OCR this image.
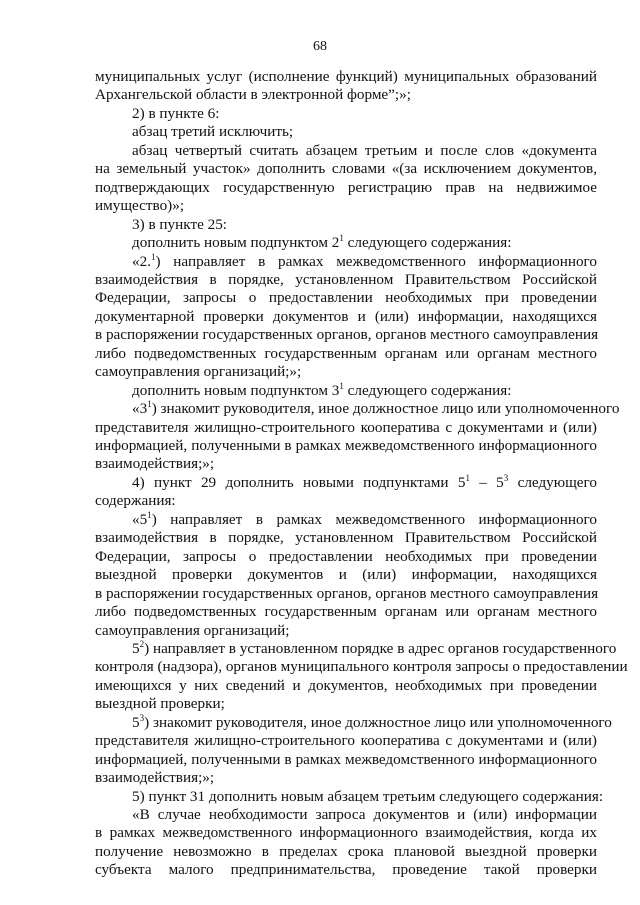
68
муниципальных услуг (исполнение функций) муниципальных образований
Архангельской области в электронной форме”;»;
2) в пункте 6:
абзац третий исключить;
абзац четвертый считать абзацем третьим и после слов «документа
на земельный участок» дополнить словами «(за исключением документов,
подтверждающих государственную регистрацию прав на недвижимое
имущество)»;
3) в пункте 25:
дополнить новым подпунктом $2^1$ следующего содержания:
«2.$^1$) направляет в рамках межведомственного информационного
взаимодействия в порядке, установленном Правительством Российской
Федерации, запросы о предоставлении необходимых при проведении
документарной проверки документов и (или) информации, находящихся
в распоряжении государственных органов, органов местного самоуправления
либо подведомственных государственным органам или органам местного
самоуправления организаций;»;
дополнить новым подпунктом $3^1$ следующего содержания:
«$3^1$) знакомит руководителя, иное должностное лицо или уполномоченного
представителя жилищно-строительного кооператива с документами и (или)
информацией, полученными в рамках межведомственного информационного
взаимодействия;»;
4) пункт 29 дополнить новыми подпунктами $5^1 - 5^3$ следующего
содержания:
«$5^1$) направляет в рамках межведомственного информационного
взаимодействия в порядке, установленном Правительством Российской
Федерации, запросы о предоставлении необходимых при проведении
выездной проверки документов и (или) информации, находящихся
в распоряжении государственных органов, органов местного самоуправления
либо подведомственных государственным органам или органам местного
самоуправления организаций;
$5^2$) направляет в установленном порядке в адрес органов государственного
контроля (надзора), органов муниципального контроля запросы о предоставлении
имеющихся у них сведений и документов, необходимых при проведении
выездной проверки;
$5^3$) знакомит руководителя, иное должностное лицо или уполномоченного
представителя жилищно-строительного кооператива с документами и (или)
информацией, полученными в рамках межведомственного информационного
взаимодействия;»;
5) пункт 31 дополнить новым абзацем третьим следующего содержания:
«В случае необходимости запроса документов и (или) информации
в рамках межведомственного информационного взаимодействия, когда их
получение невозможно в пределах срока плановой выездной проверки
субъекта малого предпринимательства, проведение такой проверки
